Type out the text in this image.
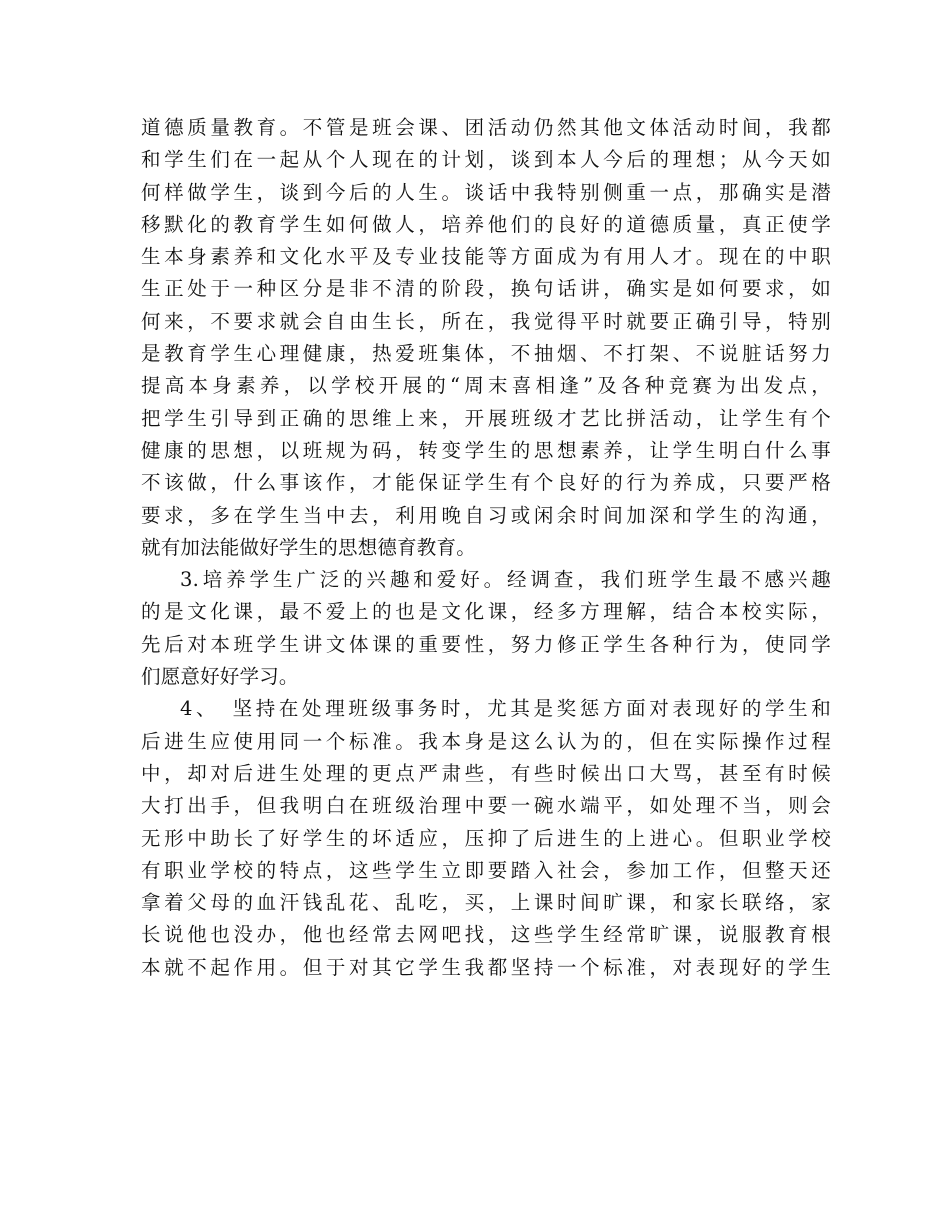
道德质量教育。不管是班会课、团活动仍然其他文体活动时间，我都
和学生们在一起从个人现在的计划，谈到本人今后的理想；从今天如
何样做学生，谈到今后的人生。谈话中我特别侧重一点，那确实是潜
移默化的教育学生如何做人，培养他们的良好的道德质量，真正使学
生本身素养和文化水平及专业技能等方面成为有用人才。现在的中职
生正处于一种区分是非不清的阶段，换句话讲，确实是如何要求，如
何来，不要求就会自由生长，所在，我觉得平时就要正确引导，特别
是教育学生心理健康，热爱班集体，不抽烟、不打架、不说脏话努力
提高本身素养，以学校开展的“周末喜相逢”及各种竞赛为出发点，
把学生引导到正确的思维上来，开展班级才艺比拼活动，让学生有个
健康的思想，以班规为码，转变学生的思想素养，让学生明白什么事
不该做，什么事该作，才能保证学生有个良好的行为养成，只要严格
要求，多在学生当中去，利用晚自习或闲余时间加深和学生的沟通，
就有加法能做好学生的思想德育教育。
3.培养学生广泛的兴趣和爱好。经调查，我们班学生最不感兴趣
的是文化课，最不爱上的也是文化课，经多方理解，结合本校实际，
先后对本班学生讲文体课的重要性，努力修正学生各种行为，使同学
们愿意好好学习。
4、　坚持在处理班级事务时，尤其是奖惩方面对表现好的学生和
后进生应使用同一个标准。我本身是这么认为的，但在实际操作过程
中，却对后进生处理的更点严肃些，有些时候出口大骂，甚至有时候
大打出手，但我明白在班级治理中要一碗水端平，如处理不当，则会
无形中助长了好学生的坏适应，压抑了后进生的上进心。但职业学校
有职业学校的特点，这些学生立即要踏入社会，参加工作，但整天还
拿着父母的血汗钱乱花、乱吃，买，上课时间旷课，和家长联络，家
长说他也没办，他也经常去网吧找，这些学生经常旷课，说服教育根
本就不起作用。但于对其它学生我都坚持一个标准，对表现好的学生
